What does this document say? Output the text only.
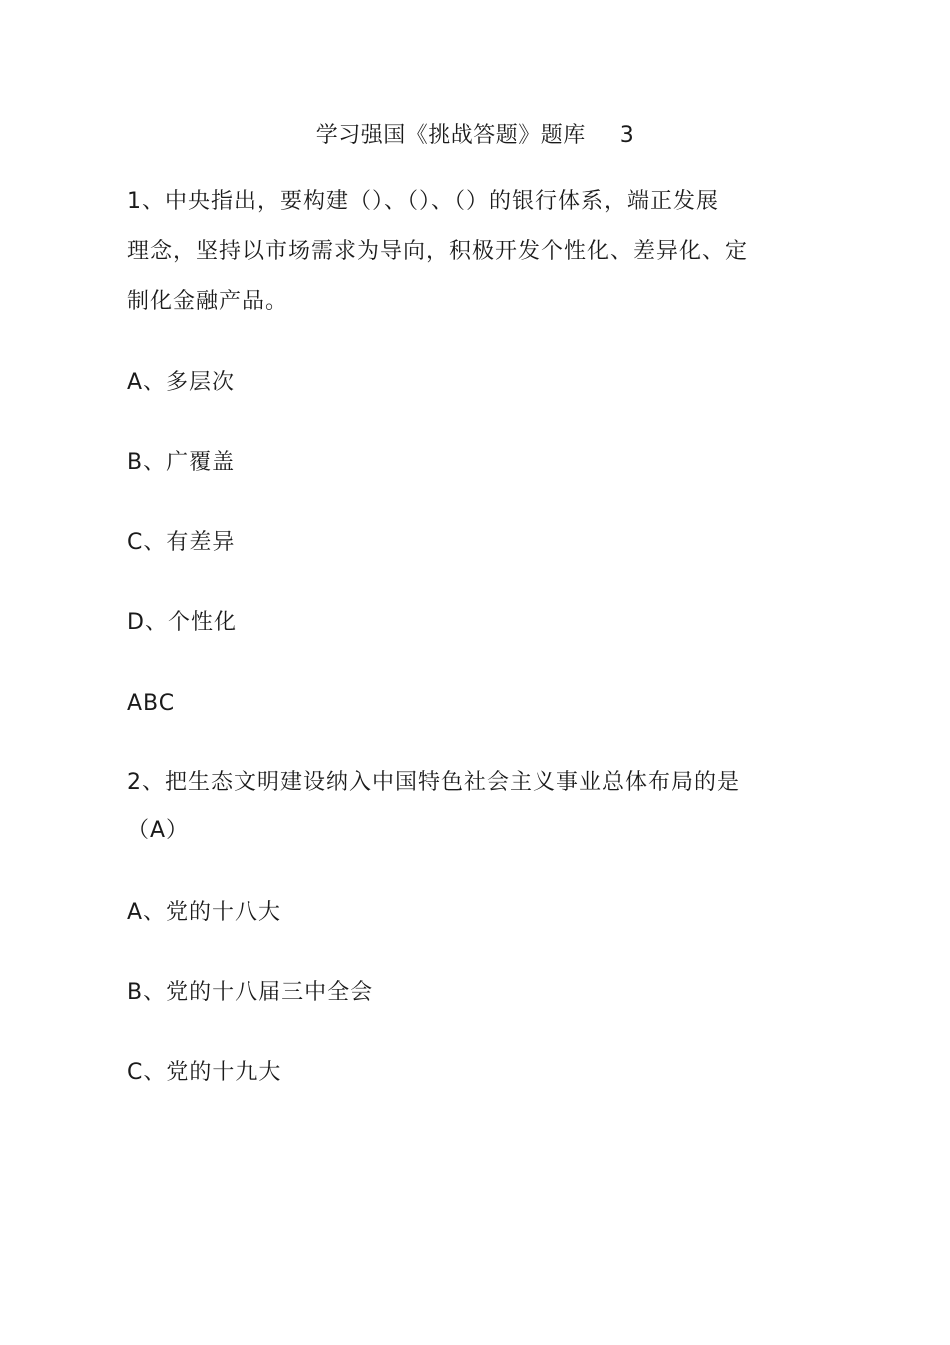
学习强国《挑战答题》题库 3
1、中央指出，要构建（）、（）、（）的银行体系，端正发展
理念，坚持以市场需求为导向，积极开发个性化、差异化、定
制化金融产品。
A、多层次
B、广覆盖
C、有差异
D、个性化
ABC
2、把生态文明建设纳入中国特色社会主义事业总体布局的是
（A）
A、党的十八大
B、党的十八届三中全会
C、党的十九大
